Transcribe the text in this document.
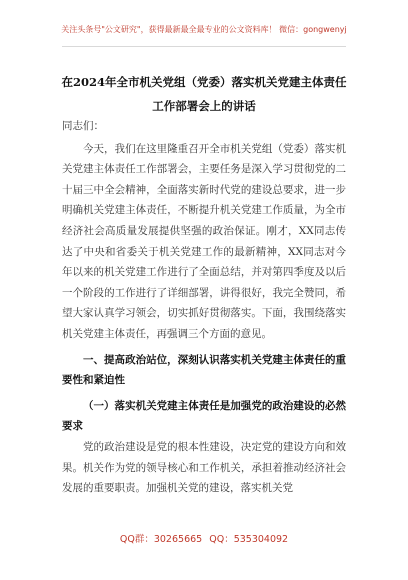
关注头条号"公文研究"，获得最新最全最专业的公文资料库！ 微信：gongwenyj
在2024年全市机关党组（党委）落实机关党建主体责任工作部署会上的讲话

同志们：

今天，我们在这里隆重召开全市机关党组（党委）落实机关党建主体责任工作部署会，主要任务是深入学习贯彻党的二十届三中全会精神，全面落实新时代党的建设总要求，进一步明确机关党建主体责任，不断提升机关党建工作质量，为全市经济社会高质量发展提供坚强的政治保证。刚才，XX同志传达了中央和省委关于机关党建工作的最新精神，XX同志对今年以来的机关党建工作进行了全面总结，并对第四季度及以后一个阶段的工作进行了详细部署，讲得很好，我完全赞同，希望大家认真学习领会，切实抓好贯彻落实。下面，我围绕落实机关党建主体责任，再强调三个方面的意见。

一、提高政治站位，深刻认识落实机关党建主体责任的重要性和紧迫性

（一）落实机关党建主体责任是加强党的政治建设的必然要求

党的政治建设是党的根本性建设，决定党的建设方向和效果。机关作为党的领导核心和工作机关，承担着推动经济社会发展的重要职责。加强机关党的建设，落实机关党

QQ群：30265665 QQ：535304092
